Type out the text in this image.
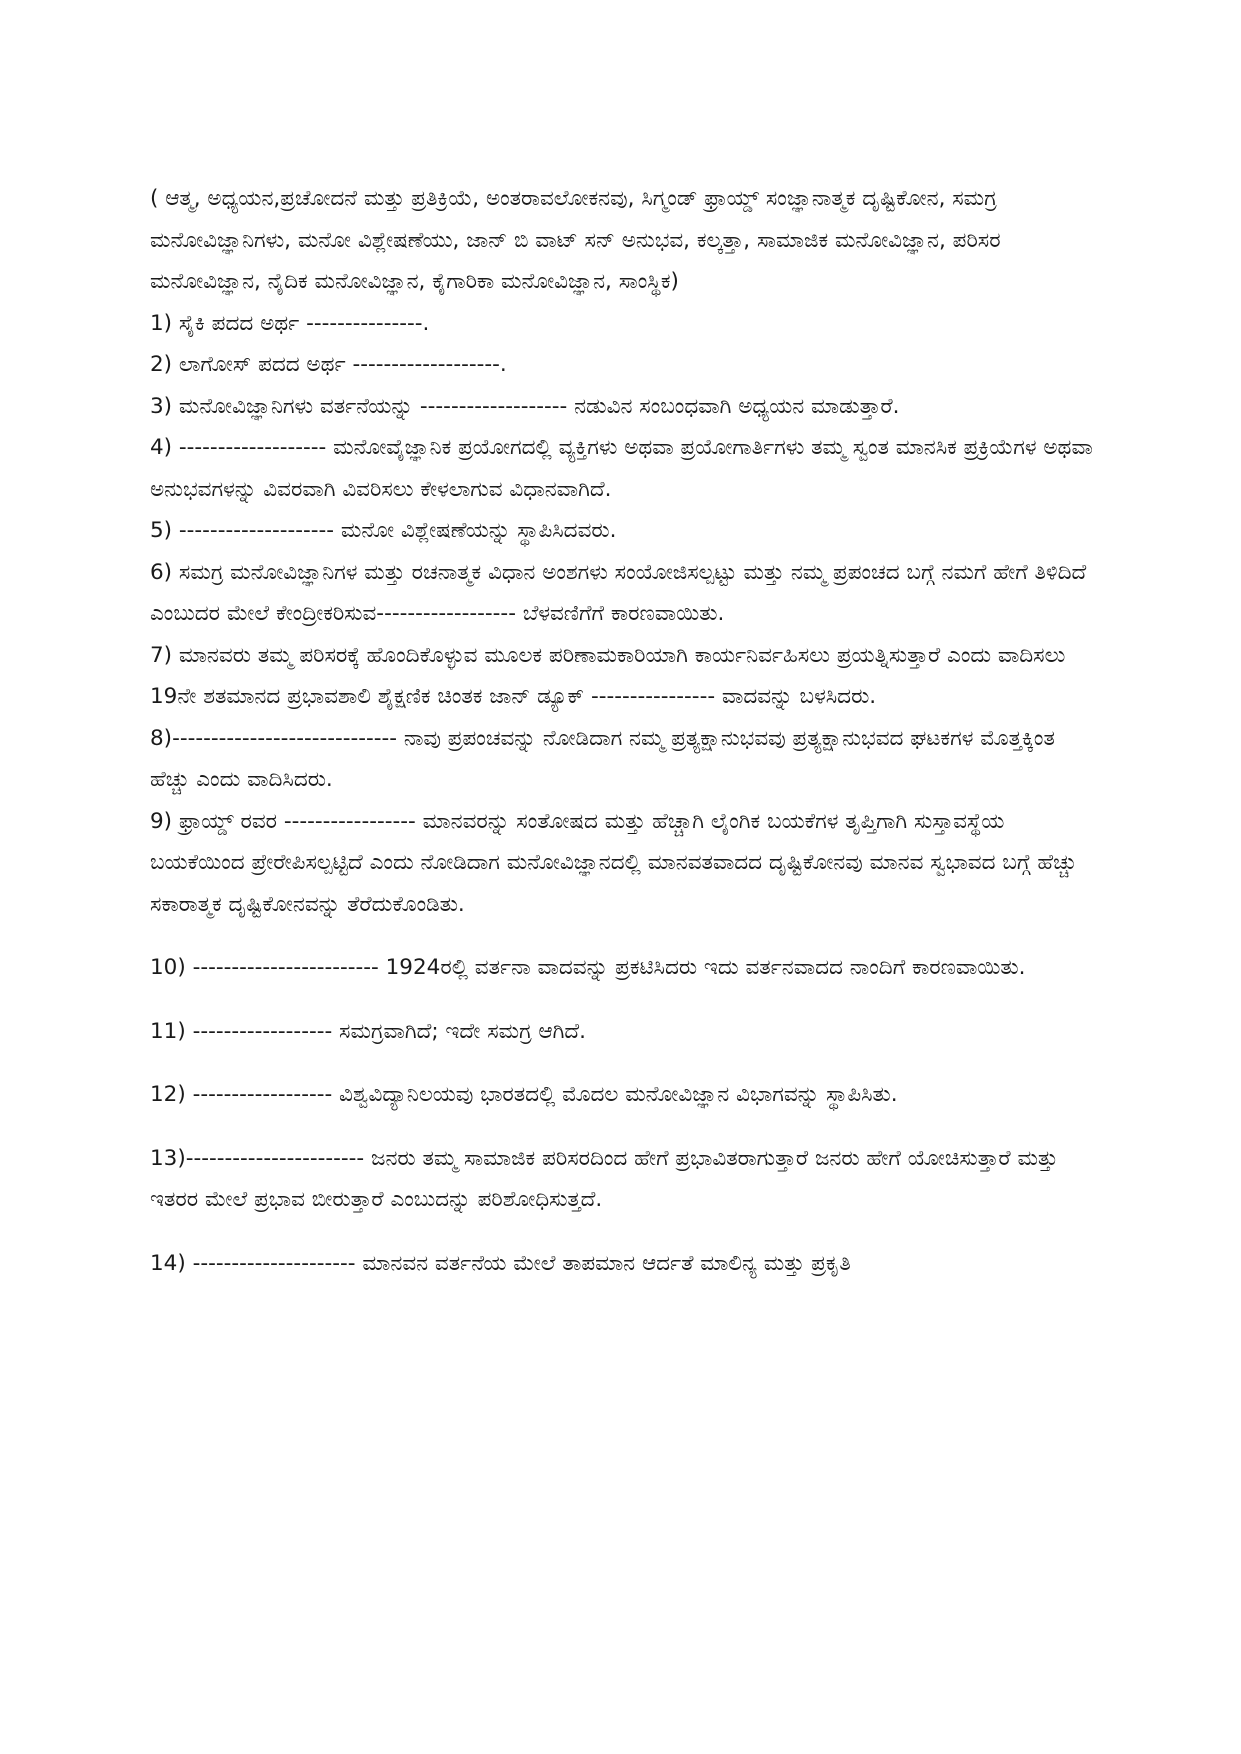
( ಆತ್ಮ, ಅಧ್ಯಯನ,ಪ್ರಚೋದನೆ ಮತ್ತು ಪ್ರತಿಕ್ರಿಯೆ, ಅಂತರಾವಲೋಕನವು, ಸಿಗ್ಮಂಡ್ ಫ್ರಾಯ್ಡ್ ಸಂಜ್ಞಾನಾತ್ಮಕ ದೃಷ್ಟಿಕೋನ, ಸಮಗ್ರ ಮನೋವಿಜ್ಞಾನಿಗಳು, ಮನೋ ವಿಶ್ಲೇಷಣೆಯು, ಜಾನ್ ಬಿ ವಾಟ್ ಸನ್ ಅನುಭವ, ಕಲ್ಕತ್ತಾ, ಸಾಮಾಜಿಕ ಮನೋವಿಜ್ಞಾನ, ಪರಿಸರ ಮನೋವಿಜ್ಞಾನ, ನೈದಿಕ ಮನೋವಿಜ್ಞಾನ, ಕೈಗಾರಿಕಾ ಮನೋವಿಜ್ಞಾನ, ಸಾಂಸ್ಥಿಕ)

1) ಸೈಕಿ ಪದದ ಅರ್ಥ ---------------.

2) ಲಾಗೋಸ್ ಪದದ ಅರ್ಥ -------------------.

3) ಮನೋವಿಜ್ಞಾನಿಗಳು ವರ್ತನೆಯನ್ನು ------------------- ನಡುವಿನ ಸಂಬಂಧವಾಗಿ ಅಧ್ಯಯನ ಮಾಡುತ್ತಾರೆ.

4) ------------------- ಮನೋವೈಜ್ಞಾನಿಕ ಪ್ರಯೋಗದಲ್ಲಿ ವ್ಯಕ್ತಿಗಳು ಅಥವಾ ಪ್ರಯೋಗಾರ್ತಿಗಳು ತಮ್ಮ ಸ್ವಂತ ಮಾನಸಿಕ ಪ್ರಕ್ರಿಯೆಗಳ ಅಥವಾ ಅನುಭವಗಳನ್ನು ವಿವರವಾಗಿ ವಿವರಿಸಲು ಕೇಳಲಾಗುವ ವಿಧಾನವಾಗಿದೆ.

5) -------------------- ಮನೋ ವಿಶ್ಲೇಷಣೆಯನ್ನು ಸ್ಥಾಪಿಸಿದವರು.

6) ಸಮಗ್ರ ಮನೋವಿಜ್ಞಾನಿಗಳ ಮತ್ತು ರಚನಾತ್ಮಕ ವಿಧಾನ ಅಂಶಗಳು ಸಂಯೋಜಿಸಲ್ಪಟ್ಟು ಮತ್ತು ನಮ್ಮ ಪ್ರಪಂಚದ ಬಗ್ಗೆ ನಮಗೆ ಹೇಗೆ ತಿಳಿದಿದೆ ಎಂಬುದರ ಮೇಲೆ ಕೇಂದ್ರೀಕರಿಸುವ------------------ ಬೆಳವಣಿಗೆಗೆ ಕಾರಣವಾಯಿತು.

7) ಮಾನವರು ತಮ್ಮ ಪರಿಸರಕ್ಕೆ ಹೊಂದಿಕೊಳ್ಳುವ ಮೂಲಕ ಪರಿಣಾಮಕಾರಿಯಾಗಿ ಕಾರ್ಯನಿರ್ವಹಿಸಲು ಪ್ರಯತ್ನಿಸುತ್ತಾರೆ ಎಂದು ವಾದಿಸಲು 19ನೇ ಶತಮಾನದ ಪ್ರಭಾವಶಾಲಿ ಶೈಕ್ಷಣಿಕ ಚಿಂತಕ ಜಾನ್ ಡ್ಯೂಕ್ ---------------- ವಾದವನ್ನು ಬಳಸಿದರು.

8)----------------------------- ನಾವು ಪ್ರಪಂಚವನ್ನು ನೋಡಿದಾಗ ನಮ್ಮ ಪ್ರತ್ಯಕ್ಷಾನುಭವವು ಪ್ರತ್ಯಕ್ಷಾನುಭವದ ಘಟಕಗಳ ಮೊತ್ತಕ್ಕಿಂತ ಹೆಚ್ಚು ಎಂದು ವಾದಿಸಿದರು.

9) ಫ್ರಾಯ್ಡ್ ರವರ ----------------- ಮಾನವರನ್ನು ಸಂತೋಷದ ಮತ್ತು ಹೆಚ್ಚಾಗಿ ಲೈಂಗಿಕ ಬಯಕೆಗಳ ತೃಪ್ತಿಗಾಗಿ ಸುಸ್ತಾವಸ್ಥೆಯ ಬಯಕೆಯಿಂದ ಪ್ರೇರೇಪಿಸಲ್ಪಟ್ಟಿದೆ ಎಂದು ನೋಡಿದಾಗ ಮನೋವಿಜ್ಞಾನದಲ್ಲಿ ಮಾನವತವಾದದ ದೃಷ್ಟಿಕೋನವು ಮಾನವ ಸ್ವಭಾವದ ಬಗ್ಗೆ ಹೆಚ್ಚು ಸಕಾರಾತ್ಮಕ ದೃಷ್ಟಿಕೋನವನ್ನು ತೆರೆದುಕೊಂಡಿತು.

10) ------------------------ 1924ರಲ್ಲಿ ವರ್ತನಾ ವಾದವನ್ನು ಪ್ರಕಟಿಸಿದರು ಇದು ವರ್ತನವಾದದ ನಾಂದಿಗೆ ಕಾರಣವಾಯಿತು.

11) ------------------ ಸಮಗ್ರವಾಗಿದೆ; ಇದೇ ಸಮಗ್ರ ಆಗಿದೆ.

12) ------------------ ವಿಶ್ವವಿದ್ಯಾನಿಲಯವು ಭಾರತದಲ್ಲಿ ಮೊದಲ ಮನೋವಿಜ್ಞಾನ ವಿಭಾಗವನ್ನು ಸ್ಥಾಪಿಸಿತು.

13)----------------------- ಜನರು ತಮ್ಮ ಸಾಮಾಜಿಕ ಪರಿಸರದಿಂದ ಹೇಗೆ ಪ್ರಭಾವಿತರಾಗುತ್ತಾರೆ ಜನರು ಹೇಗೆ ಯೋಚಿಸುತ್ತಾರೆ ಮತ್ತು ಇತರರ ಮೇಲೆ ಪ್ರಭಾವ ಬೀರುತ್ತಾರೆ ಎಂಬುದನ್ನು ಪರಿಶೋಧಿಸುತ್ತದೆ.

14) --------------------- ಮಾನವನ ವರ್ತನೆಯ ಮೇಲೆ ತಾಪಮಾನ ಆರ್ದತೆ ಮಾಲಿನ್ಯ ಮತ್ತು ಪ್ರಕೃತಿ
